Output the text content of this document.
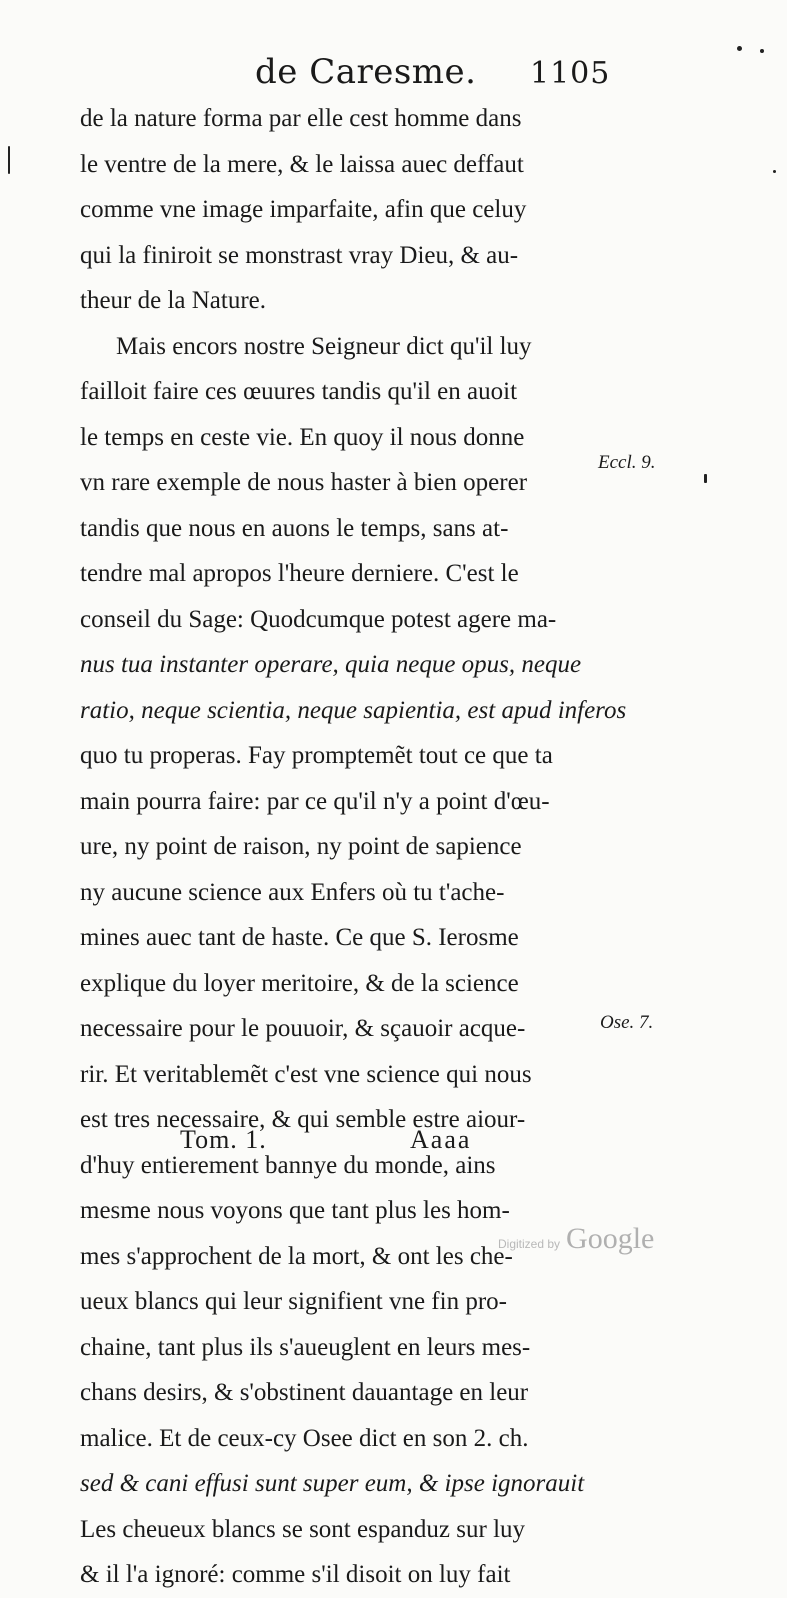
de Caresme. 1105
de la nature forma par elle cest homme dans
le ventre de la mere, & le laissa auec deffaut
comme vne image imparfaite, afin que celuy
qui la finiroit se monstrast vray Dieu, & au-
theur de la Nature.
Mais encors nostre Seigneur dict qu'il luy
failloit faire ces œuures tandis qu'il en auoit
le temps en ceste vie. En quoy il nous donne
vn rare exemple de nous haster à bien operer
tandis que nous en auons le temps, sans at-
tendre mal apropos l'heure derniere. C'est le
conseil du Sage: Quodcumque potest agere ma-
nus tua instanter operare, quia neque opus, neque
ratio, neque scientia, neque sapientia, est apud inferos
quo tu properas. Fay promptemẽt tout ce que ta
main pourra faire: par ce qu'il n'y a point d'œu-
ure, ny point de raison, ny point de sapience
ny aucune science aux Enfers où tu t'ache-
mines auec tant de haste. Ce que S. Ierosme
explique du loyer meritoire, & de la science
necessaire pour le pouuoir, & sçauoir acque-
rir. Et veritablemẽt c'est vne science qui nous
est tres necessaire, & qui semble estre aiour-
d'huy entierement bannye du monde, ains
mesme nous voyons que tant plus les hom-
mes s'approchent de la mort, & ont les che-
ueux blancs qui leur signifient vne fin pro-
chaine, tant plus ils s'aueuglent en leurs mes-
chans desirs, & s'obstinent dauantage en leur
malice. Et de ceux-cy Osee dict en son 2. ch.
sed & cani effusi sunt super eum, & ipse ignorauit
Les cheueux blancs se sont espanduz sur luy
& il l'a ignoré: comme s'il disoit on luy fait
Eccl. 9.
Ose. 7.
Tom. 1.	Aaaa
Digitized by Google
